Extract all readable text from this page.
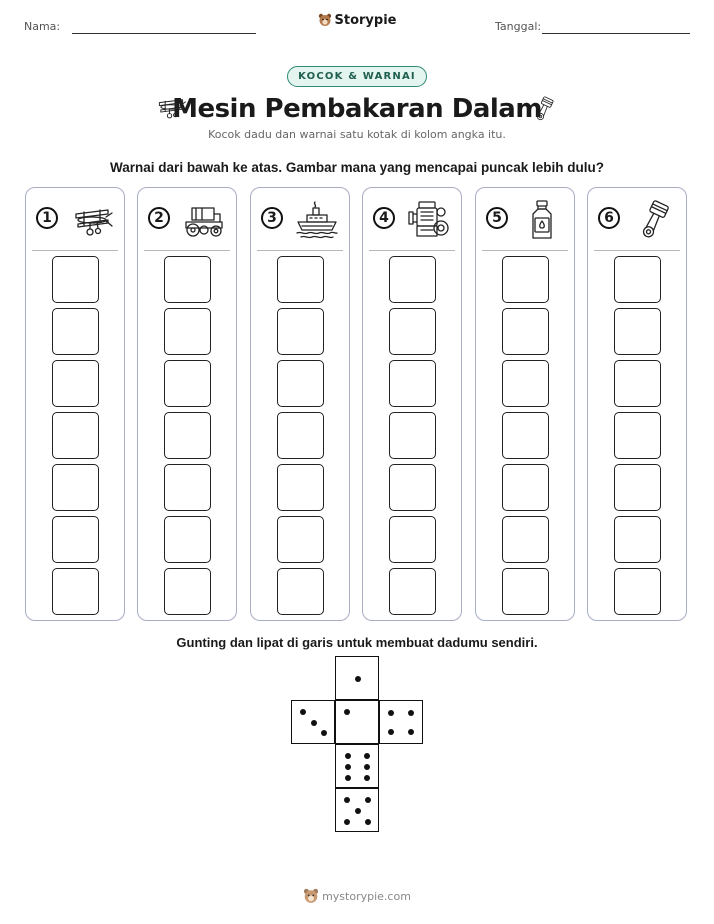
Nama:	Storypie	Tanggal:
KOCOK & WARNAI
Mesin Pembakaran Dalam
Kocok dadu dan warnai satu kotak di kolom angka itu.
Warnai dari bawah ke atas. Gambar mana yang mencapai puncak lebih dulu?
1	2	3	4	5	6
Gunting dan lipat di garis untuk membuat dadumu sendiri.
mystorypie.com
